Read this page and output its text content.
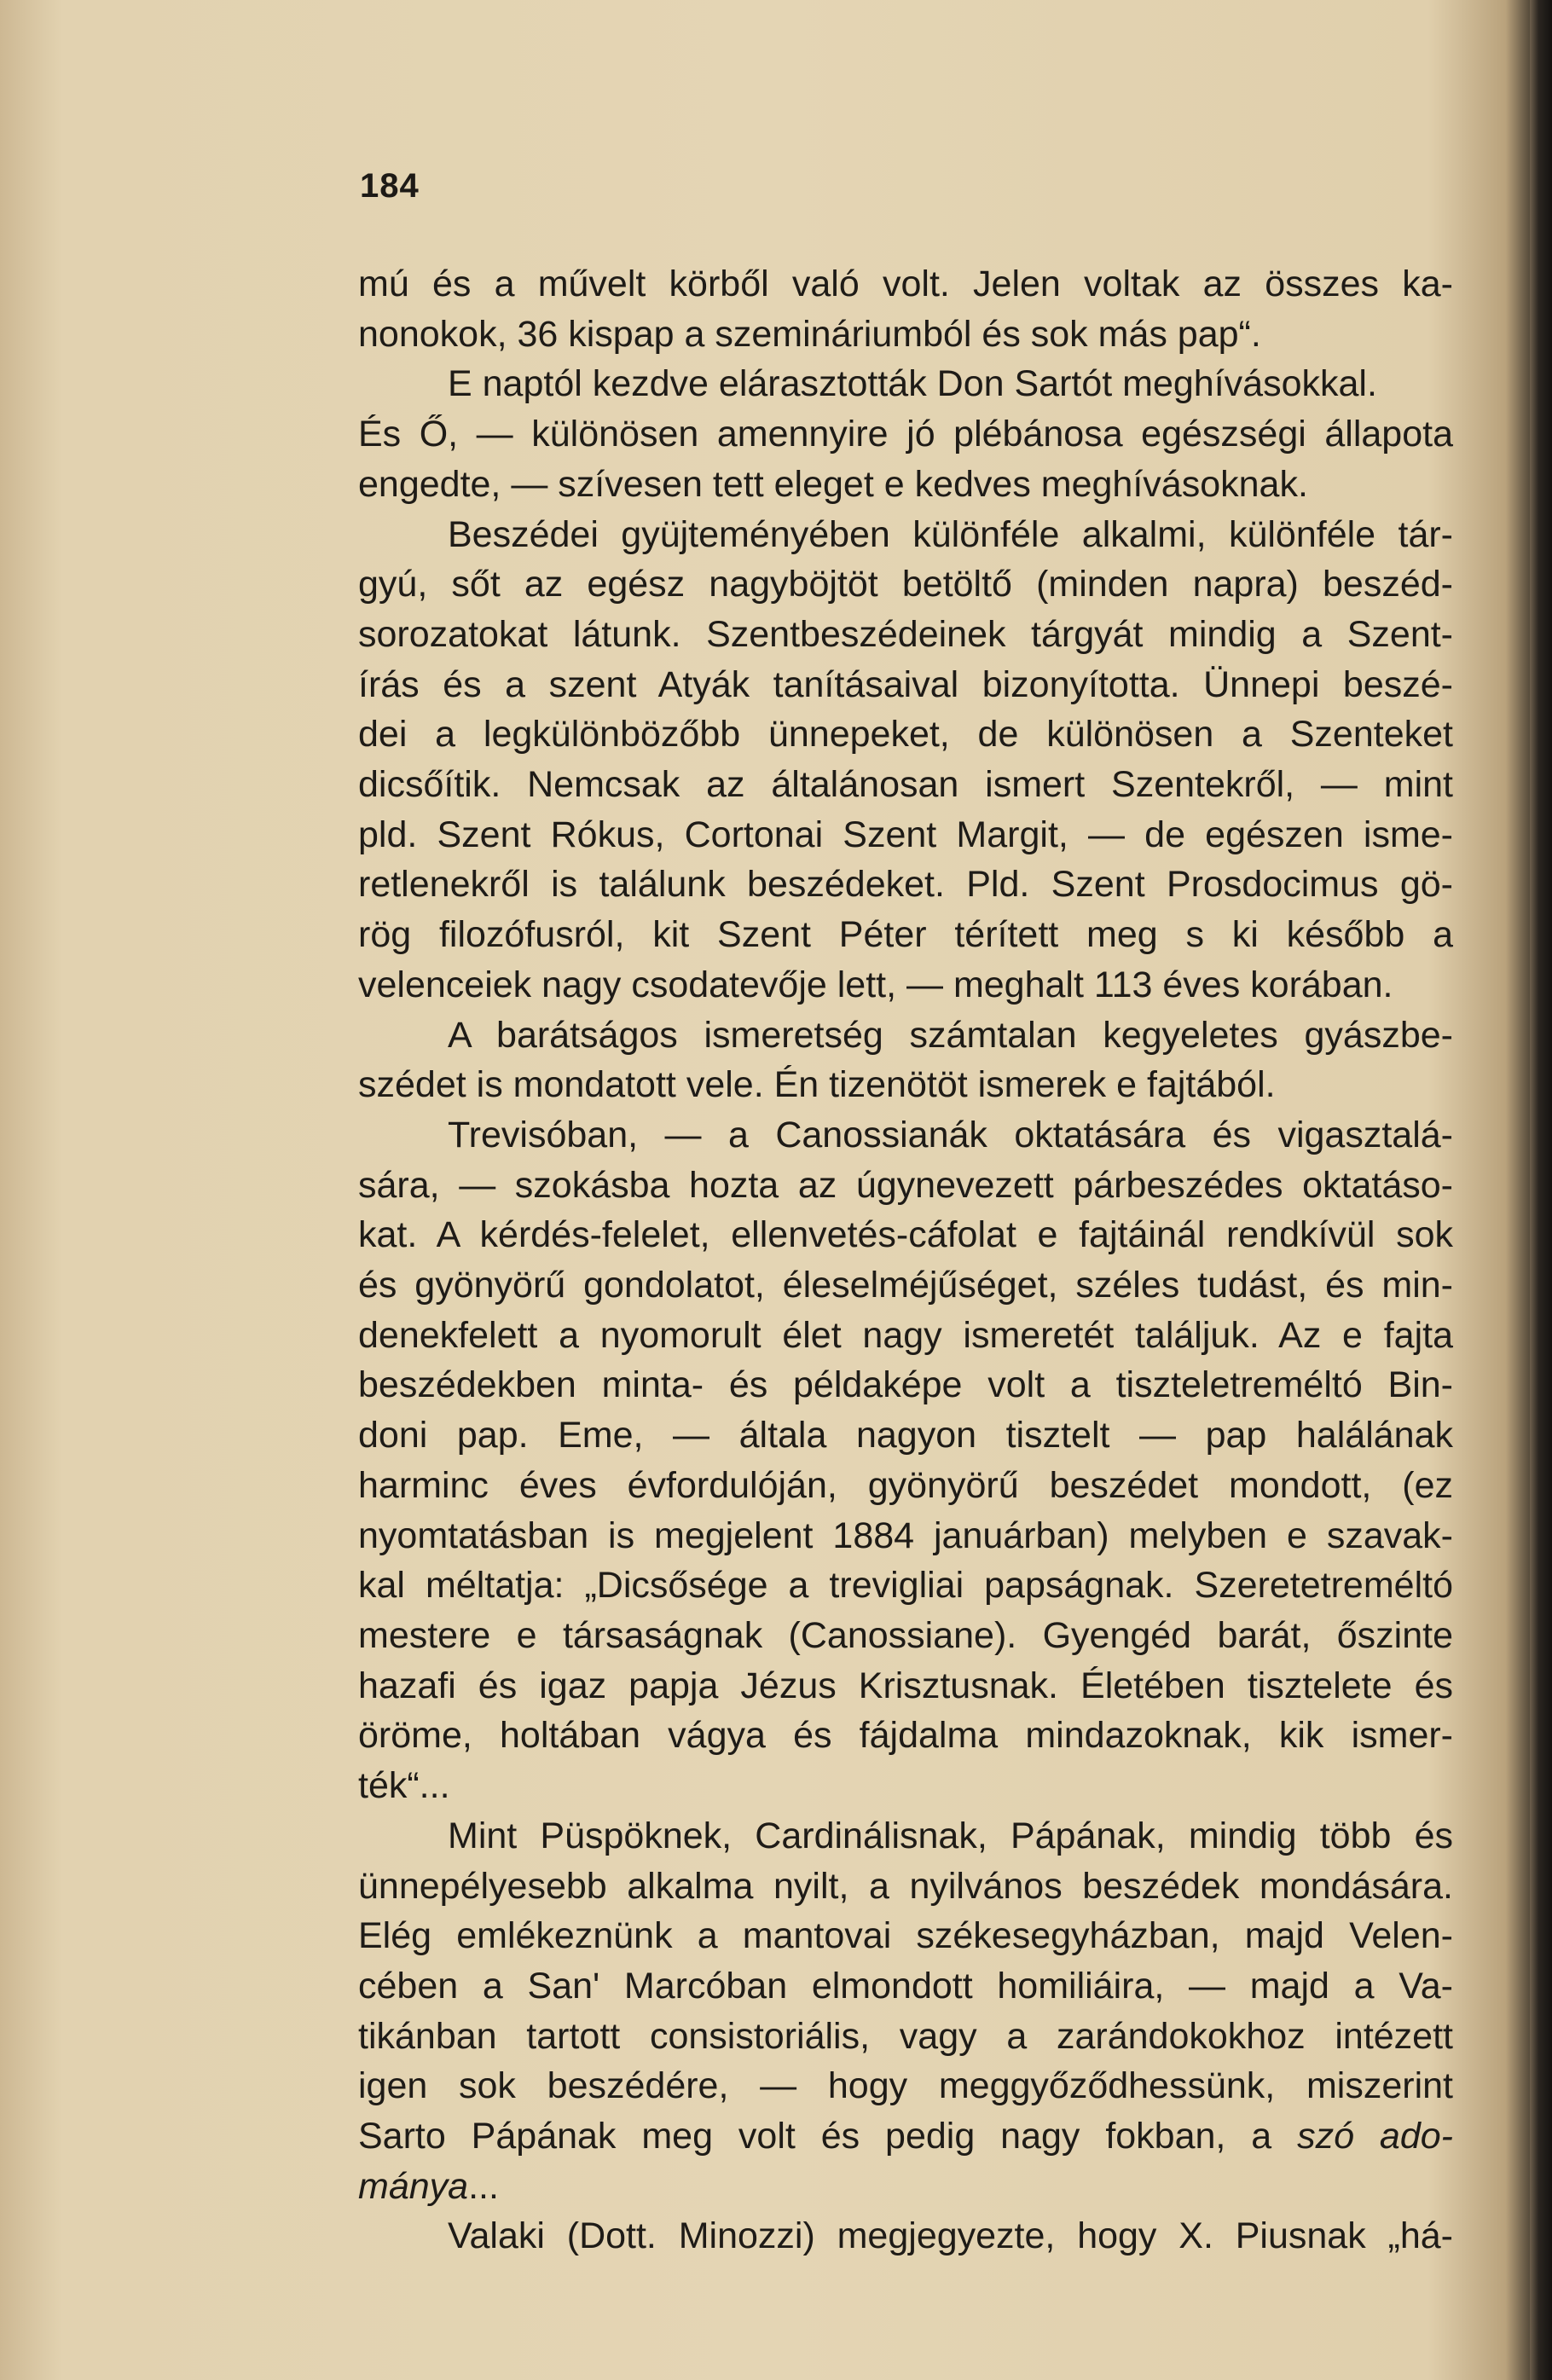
184

mú és a művelt körből való volt. Jelen voltak az összes ka-
nonokok, 36 kispap a szemináriumból és sok más pap“.

E naptól kezdve elárasztották Don Sartót meghívásokkal.
És Ő, — különösen amennyire jó plébánosa egészségi állapota
engedte, — szívesen tett eleget e kedves meghívásoknak.

Beszédei gyüjteményében különféle alkalmi, különféle tár-
gyú, sőt az egész nagyböjtöt betöltő (minden napra) beszéd-
sorozatokat látunk. Szentbeszédeinek tárgyát mindig a Szent-
írás és a szent Atyák tanításaival bizonyította. Ünnepi beszé-
dei a legkülönbözőbb ünnepeket, de különösen a Szenteket
dicsőítik. Nemcsak az általánosan ismert Szentekről, — mint
pld. Szent Rókus, Cortonai Szent Margit, — de egészen isme-
retlenekről is találunk beszédeket. Pld. Szent Prosdocimus gö-
rög filozófusról, kit Szent Péter térített meg s ki később a
velenceiek nagy csodatevője lett, — meghalt 113 éves korában.

A barátságos ismeretség számtalan kegyeletes gyászbe-
szédet is mondatott vele. Én tizenötöt ismerek e fajtából.

Trevisóban, — a Canossianák oktatására és vigasztalá-
sára, — szokásba hozta az úgynevezett párbeszédes oktatáso-
kat. A kérdés-felelet, ellenvetés-cáfolat e fajtáinál rendkívül sok
és gyönyörű gondolatot, éleselméjűséget, széles tudást, és min-
denekfelett a nyomorult élet nagy ismeretét találjuk. Az e fajta
beszédekben minta- és példaképe volt a tiszteletreméltó Bin-
doni pap. Eme, — általa nagyon tisztelt — pap halálának
harminc éves évfordulóján, gyönyörű beszédet mondott, (ez
nyomtatásban is megjelent 1884 januárban) melyben e szavak-
kal méltatja: „Dicsősége a trevigliai papságnak. Szeretetreméltó
mestere e társaságnak (Canossiane). Gyengéd barát, őszinte
hazafi és igaz papja Jézus Krisztusnak. Életében tisztelete és
öröme, holtában vágya és fájdalma mindazoknak, kik ismer-
ték“...

Mint Püspöknek, Cardinálisnak, Pápának, mindig több és
ünnepélyesebb alkalma nyilt, a nyilvános beszédek mondására.
Elég emlékeznünk a mantovai székesegyházban, majd Velen-
cében a San' Marcóban elmondott homiliáira, — majd a Va-
tikánban tartott consistoriális, vagy a zarándokokhoz intézett
igen sok beszédére, — hogy meggyőződhessünk, miszerint
Sarto Pápának meg volt és pedig nagy fokban, a szó ado-
mánya...

Valaki (Dott. Minozzi) megjegyezte, hogy X. Piusnak „há-
